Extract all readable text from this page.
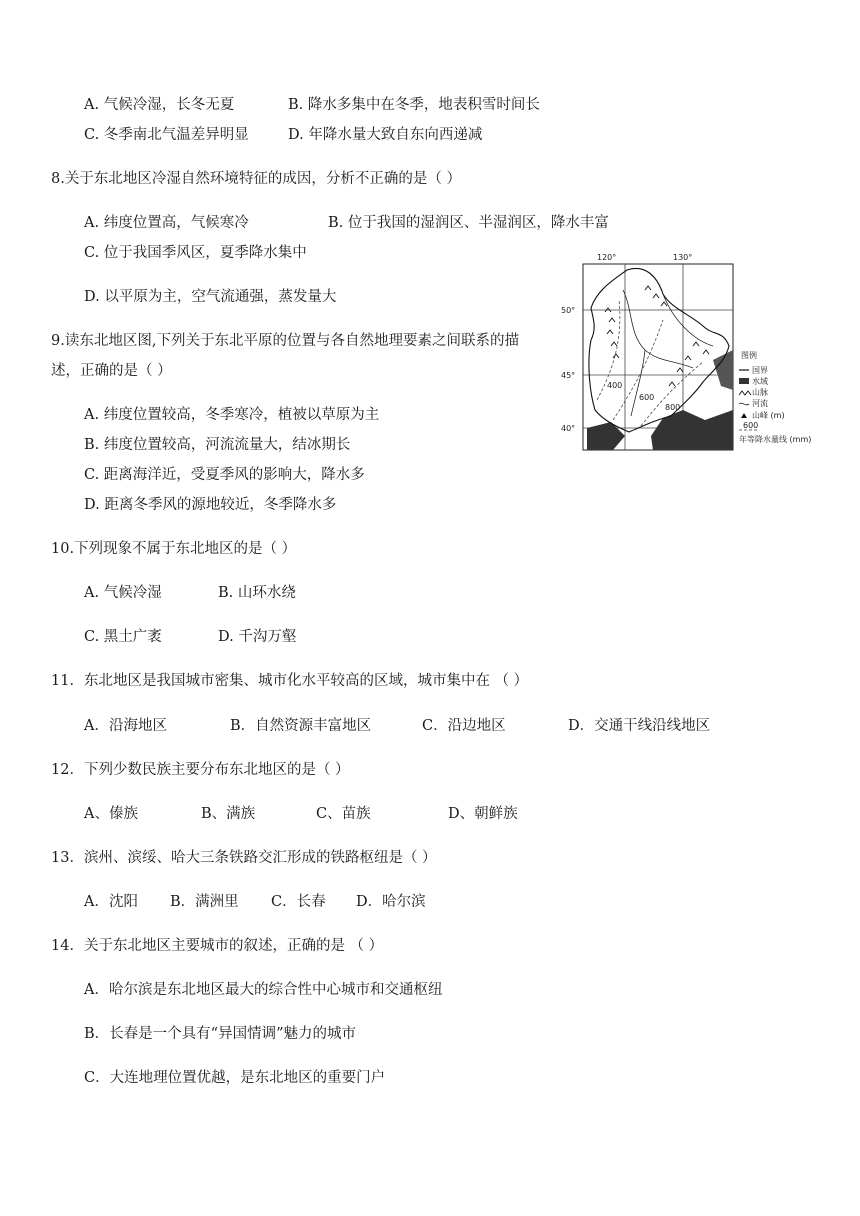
A. 气候冷湿，长冬无夏	B. 降水多集中在冬季，地表积雪时间长
C. 冬季南北气温差异明显	D. 年降水量大致自东向西递减
8.关于东北地区冷湿自然环境特征的成因，分析不正确的是（ ）
A. 纬度位置高，气候寒冷	B. 位于我国的湿润区、半湿润区，降水丰富
C. 位于我国季风区，夏季降水集中
D. 以平原为主，空气流通强，蒸发量大
9.读东北地区图,下列关于东北平原的位置与各自然地理要素之间联系的描
述，正确的是（ ）
A. 纬度位置较高，冬季寒冷，植被以草原为主
B. 纬度位置较高，河流流量大，结冰期长
C. 距离海洋近，受夏季风的影响大，降水多
D. 距离冬季风的源地较近，冬季降水多
400
600
800
120°	130°
50°
45°
40°
图例
国界
水域
山脉
河流
山峰 (m)
600
年等降水量线 (mm)
10.下列现象不属于东北地区的是（ ）
A. 气候冷湿	B. 山环水绕
C. 黑土广袤	D. 千沟万壑
11．东北地区是我国城市密集、城市化水平较高的区域，城市集中在 （ ）
A．沿海地区	B．自然资源丰富地区	C．沿边地区	D．交通干线沿线地区
12．下列少数民族主要分布东北地区的是（ ）
A、傣族	B、满族	C、苗族	D、朝鲜族
13．滨州、滨绥、哈大三条铁路交汇形成的铁路枢纽是（ ）
A．沈阳 B．满洲里 C．长春 D．哈尔滨
14．关于东北地区主要城市的叙述，正确的是 （ ）
A．哈尔滨是东北地区最大的综合性中心城市和交通枢纽
B．长春是一个具有“异国情调”魅力的城市
C．大连地理位置优越，是东北地区的重要门户
